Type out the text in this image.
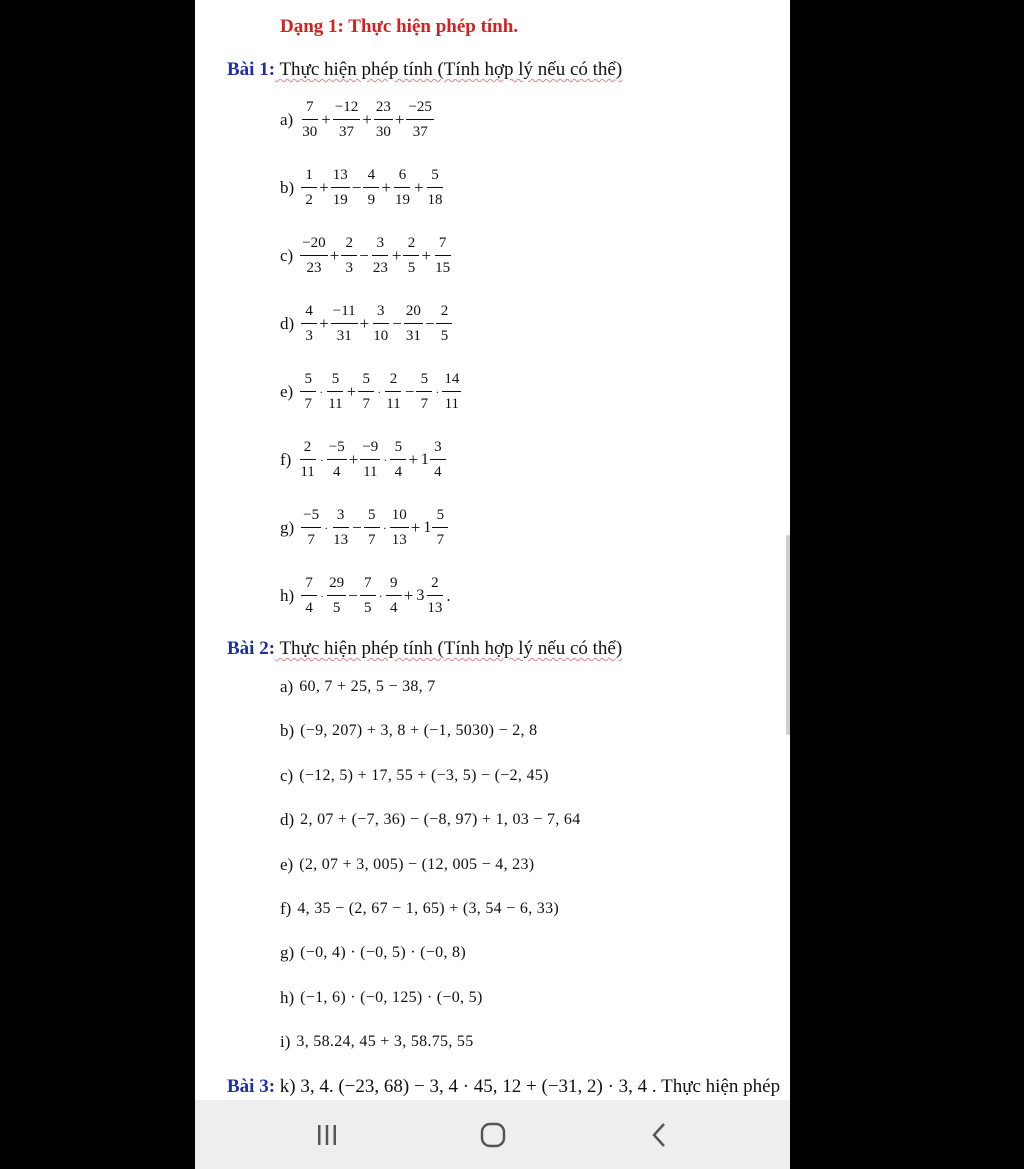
Dạng 1: Thực hiện phép tính.
Bài 1: Thực hiện phép tính (Tính hợp lý nếu có thể)
$a) \frac{7}{30} + \frac{-12}{37} + \frac{23}{30} + \frac{-25}{37}$
$b) \frac{1}{2} + \frac{13}{19} - \frac{4}{9} + \frac{6}{19} + \frac{5}{18}$
$c) \frac{-20}{23} + \frac{2}{3} - \frac{3}{23} + \frac{2}{5} + \frac{7}{15}$
$d) \frac{4}{3} + \frac{-11}{31} + \frac{3}{10} - \frac{20}{31} - \frac{2}{5}$
$e) \frac{5}{7} \cdot \frac{5}{11} + \frac{5}{7} \cdot \frac{2}{11} - \frac{5}{7} \cdot \frac{14}{11}$
$f) \frac{2}{11} \cdot \frac{-5}{4} + \frac{-9}{11} \cdot \frac{5}{4} + 1 \frac{3}{4}$
$g) \frac{-5}{7} \cdot \frac{3}{13} - \frac{5}{7} \cdot \frac{10}{13} + 1 \frac{5}{7}$
$h) \frac{7}{4} \cdot \frac{29}{5} - \frac{7}{5} \cdot \frac{9}{4} + 3 \frac{2}{13}$ .
Bài 2: Thực hiện phép tính (Tính hợp lý nếu có thể)
a) 60, 7 + 25, 5 − 38, 7
b) (−9, 207) + 3, 8 + (−1, 5030) − 2, 8
c) (−12, 5) + 17, 55 + (−3, 5) − (−2, 45)
d) 2, 07 + (−7, 36) − (−8, 97) + 1, 03 − 7, 64
e) (2, 07 + 3, 005) − (12, 005 − 4, 23)
f) 4, 35 − (2, 67 − 1, 65) + (3, 54 − 6, 33)
g) (−0, 4) · (−0, 5) · (−0, 8)
h) (−1, 6) · (−0, 125) · (−0, 5)
i) 3, 58.24, 45 + 3, 58.75, 55
Bài 3: k) 3, 4. (−23, 68) − 3, 4 · 45, 12 + (−31, 2) · 3, 4 . Thực hiện phép
